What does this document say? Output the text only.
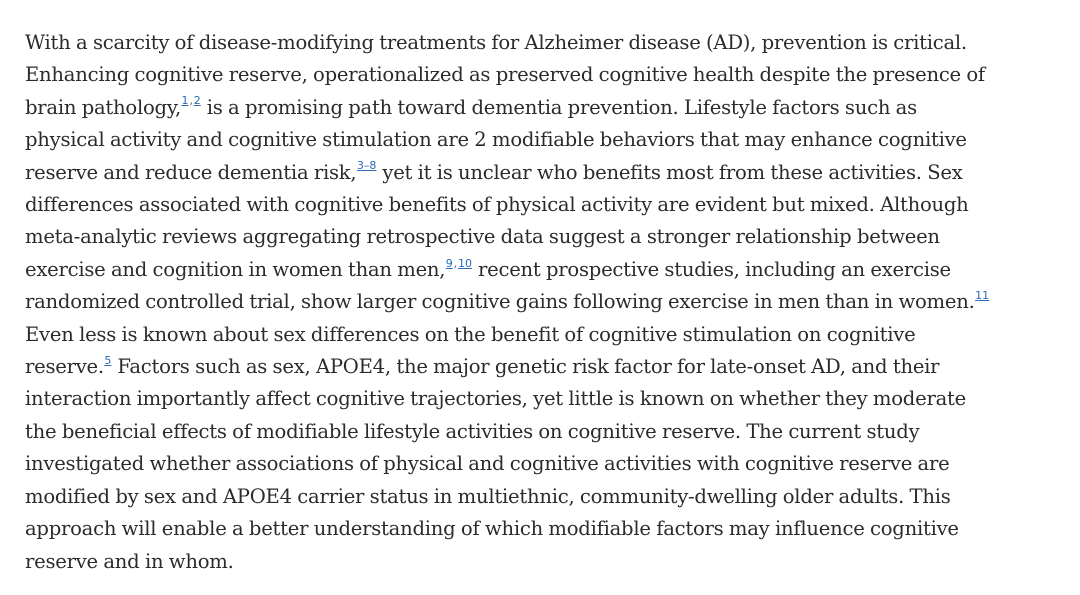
With a scarcity of disease-modifying treatments for Alzheimer disease (AD), prevention is critical.
Enhancing cognitive reserve, operationalized as preserved cognitive health despite the presence of
brain pathology,$^{1,2}$ is a promising path toward dementia prevention. Lifestyle factors such as
physical activity and cognitive stimulation are 2 modifiable behaviors that may enhance cognitive
reserve and reduce dementia risk,$^{3-8}$ yet it is unclear who benefits most from these activities. Sex
differences associated with cognitive benefits of physical activity are evident but mixed. Although
meta-analytic reviews aggregating retrospective data suggest a stronger relationship between
exercise and cognition in women than men,$^{9,10}$ recent prospective studies, including an exercise
randomized controlled trial, show larger cognitive gains following exercise in men than in women.$^{11}$
Even less is known about sex differences on the benefit of cognitive stimulation on cognitive
reserve.$^5$ Factors such as sex, APOE4, the major genetic risk factor for late-onset AD, and their
interaction importantly affect cognitive trajectories, yet little is known on whether they moderate
the beneficial effects of modifiable lifestyle activities on cognitive reserve. The current study
investigated whether associations of physical and cognitive activities with cognitive reserve are
modified by sex and APOE4 carrier status in multiethnic, community-dwelling older adults. This
approach will enable a better understanding of which modifiable factors may influence cognitive
reserve and in whom.
